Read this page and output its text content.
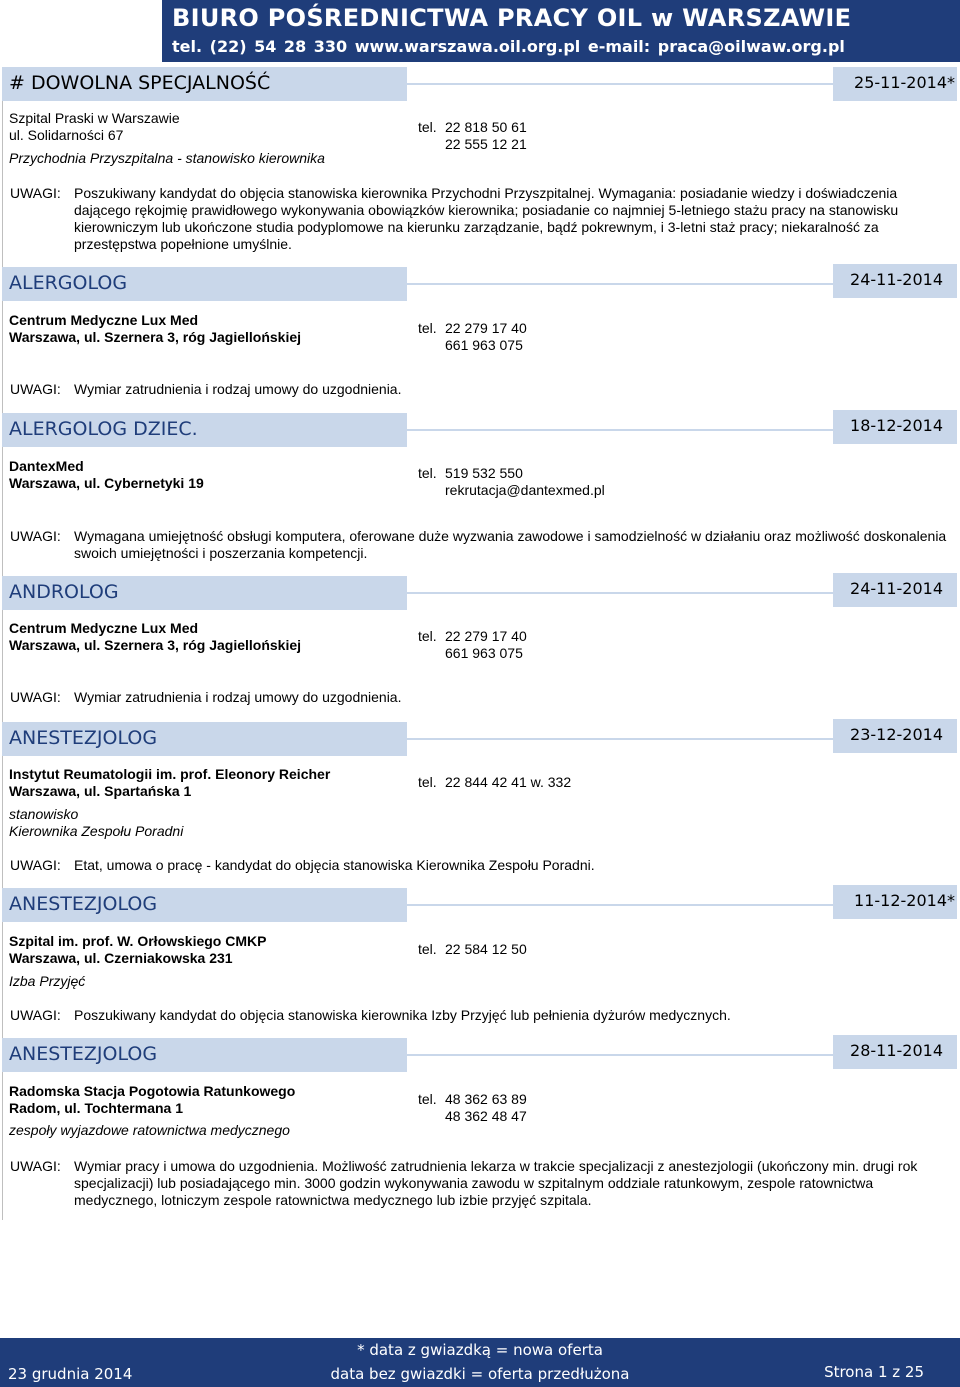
BIURO POŚREDNICTWA PRACY OIL w WARSZAWIE
tel. (22) 54 28 330 www.warszawa.oil.org.pl e-mail: praca@oilwaw.org.pl
# DOWOLNA SPECJALNOŚĆ	25-11-2014*
Szpital Praski w Warszawie
ul. Solidarności 67
Przychodnia Przyszpitalna - stanowisko kierownika
tel. 22 818 50 61
22 555 12 21
UWAGI: Poszukiwany kandydat do objęcia stanowiska kierownika Przychodni Przyszpitalnej. Wymagania: posiadanie wiedzy i doświadczenia dającego rękojmię prawidłowego wykonywania obowiązków kierownika; posiadanie co najmniej 5-letniego stażu pracy na stanowisku kierowniczym lub ukończone studia podyplomowe na kierunku zarządzanie, bądź pokrewnym, i 3-letni staż pracy; niekaralność za przestępstwa popełnione umyślnie.
ALERGOLOG	24-11-2014
Centrum Medyczne Lux Med
Warszawa, ul. Szernera 3, róg Jagiellońskiej
tel. 22 279 17 40
661 963 075
UWAGI: Wymiar zatrudnienia i rodzaj umowy do uzgodnienia.
ALERGOLOG DZIEC.	18-12-2014
DantexMed
Warszawa, ul. Cybernetyki 19
tel. 519 532 550
rekrutacja@dantexmed.pl
UWAGI: Wymagana umiejętność obsługi komputera, oferowane duże wyzwania zawodowe i samodzielność w działaniu oraz możliwość doskonalenia swoich umiejętności i poszerzania kompetencji.
ANDROLOG	24-11-2014
Centrum Medyczne Lux Med
Warszawa, ul. Szernera 3, róg Jagiellońskiej
tel. 22 279 17 40
661 963 075
UWAGI: Wymiar zatrudnienia i rodzaj umowy do uzgodnienia.
ANESTEZJOLOG	23-12-2014
Instytut Reumatologii im. prof. Eleonory Reicher
Warszawa, ul. Spartańska 1
stanowisko
Kierownika Zespołu Poradni
tel. 22 844 42 41 w. 332
UWAGI: Etat, umowa o pracę - kandydat do objęcia stanowiska Kierownika Zespołu Poradni.
ANESTEZJOLOG	11-12-2014*
Szpital im. prof. W. Orłowskiego CMKP
Warszawa, ul. Czerniakowska 231
Izba Przyjęć
tel. 22 584 12 50
UWAGI: Poszukiwany kandydat do objęcia stanowiska kierownika Izby Przyjęć lub pełnienia dyżurów medycznych.
ANESTEZJOLOG	28-11-2014
Radomska Stacja Pogotowia Ratunkowego
Radom, ul. Tochtermana 1
zespoły wyjazdowe ratownictwa medycznego
tel. 48 362 63 89
48 362 48 47
UWAGI: Wymiar pracy i umowa do uzgodnienia. Możliwość zatrudnienia lekarza w trakcie specjalizacji z anestezjologii (ukończony min. drugi rok specjalizacji) lub posiadającego min. 3000 godzin wykonywania zawodu w szpitalnym oddziale ratunkowym, zespole ratownictwa medycznego, lotniczym zespole ratownictwa medycznego lub izbie przyjęć szpitala.
23 grudnia 2014
* data z gwiazdką = nowa oferta
data bez gwiazdki = oferta przedłużona	Strona 1 z 25
